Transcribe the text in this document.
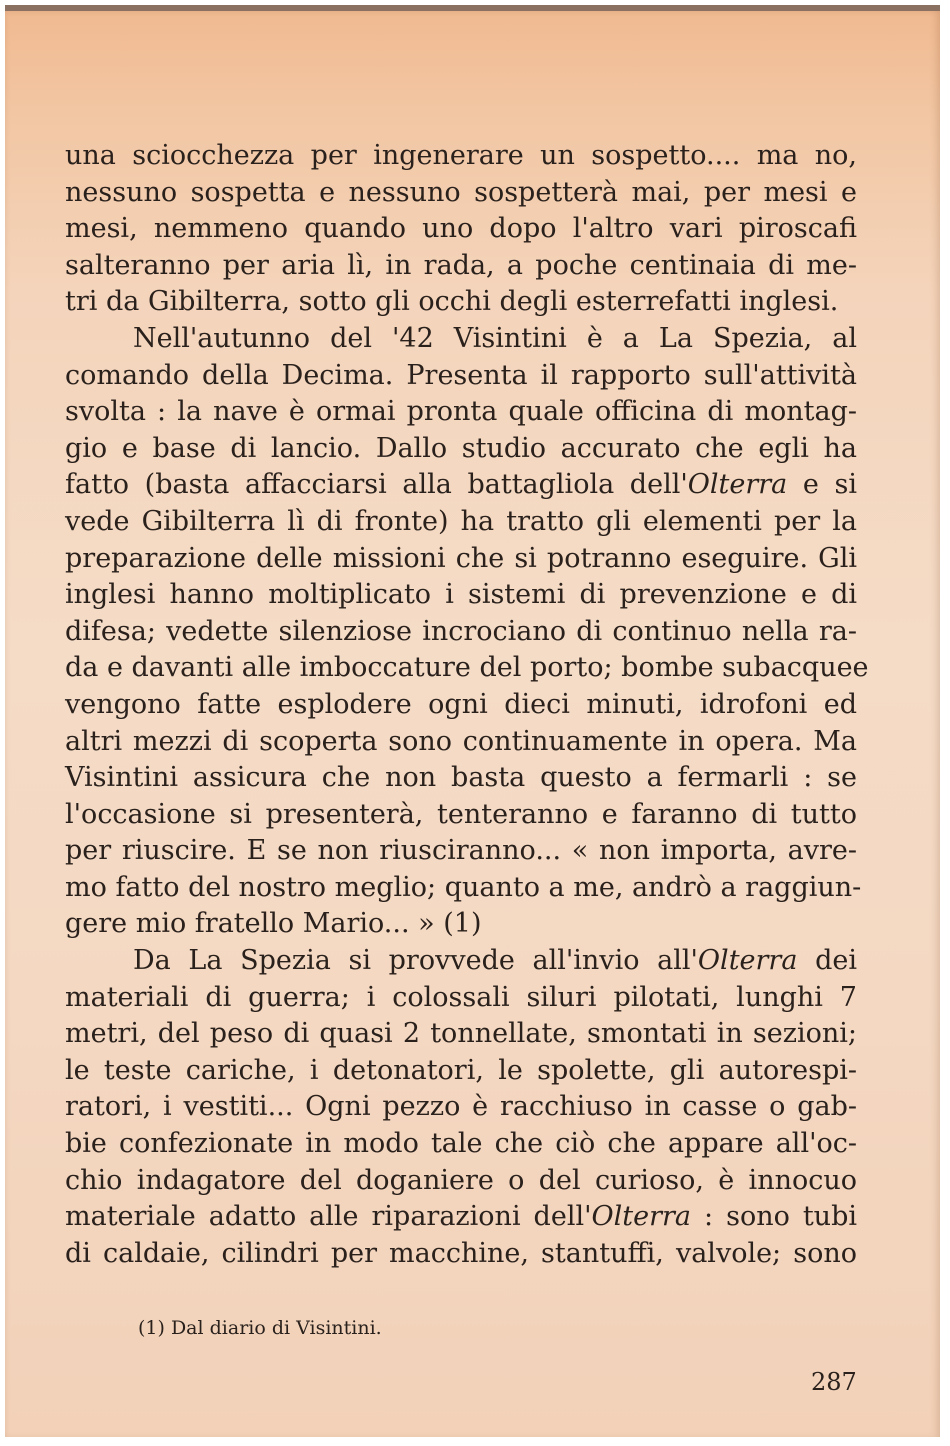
una sciocchezza per ingenerare un sospetto.... ma no,
nessuno sospetta e nessuno sospetterà mai, per mesi e
mesi, nemmeno quando uno dopo l'altro vari piroscafi
salteranno per aria lì, in rada, a poche centinaia di me-
tri da Gibilterra, sotto gli occhi degli esterrefatti inglesi.
Nell'autunno del '42 Visintini è a La Spezia, al
comando della Decima. Presenta il rapporto sull'attività
svolta : la nave è ormai pronta quale officina di montag-
gio e base di lancio. Dallo studio accurato che egli ha
fatto (basta affacciarsi alla battagliola dell'Olterra e si
vede Gibilterra lì di fronte) ha tratto gli elementi per la
preparazione delle missioni che si potranno eseguire. Gli
inglesi hanno moltiplicato i sistemi di prevenzione e di
difesa; vedette silenziose incrociano di continuo nella ra-
da e davanti alle imboccature del porto; bombe subacquee
vengono fatte esplodere ogni dieci minuti, idrofoni ed
altri mezzi di scoperta sono continuamente in opera. Ma
Visintini assicura che non basta questo a fermarli : se
l'occasione si presenterà, tenteranno e faranno di tutto
per riuscire. E se non riusciranno... « non importa, avre-
mo fatto del nostro meglio; quanto a me, andrò a raggiun-
gere mio fratello Mario... » (1)
Da La Spezia si provvede all'invio all'Olterra dei
materiali di guerra; i colossali siluri pilotati, lunghi 7
metri, del peso di quasi 2 tonnellate, smontati in sezioni;
le teste cariche, i detonatori, le spolette, gli autorespi-
ratori, i vestiti... Ogni pezzo è racchiuso in casse o gab-
bie confezionate in modo tale che ciò che appare all'oc-
chio indagatore del doganiere o del curioso, è innocuo
materiale adatto alle riparazioni dell'Olterra : sono tubi
di caldaie, cilindri per macchine, stantuffi, valvole; sono
(1) Dal diario di Visintini.
287
